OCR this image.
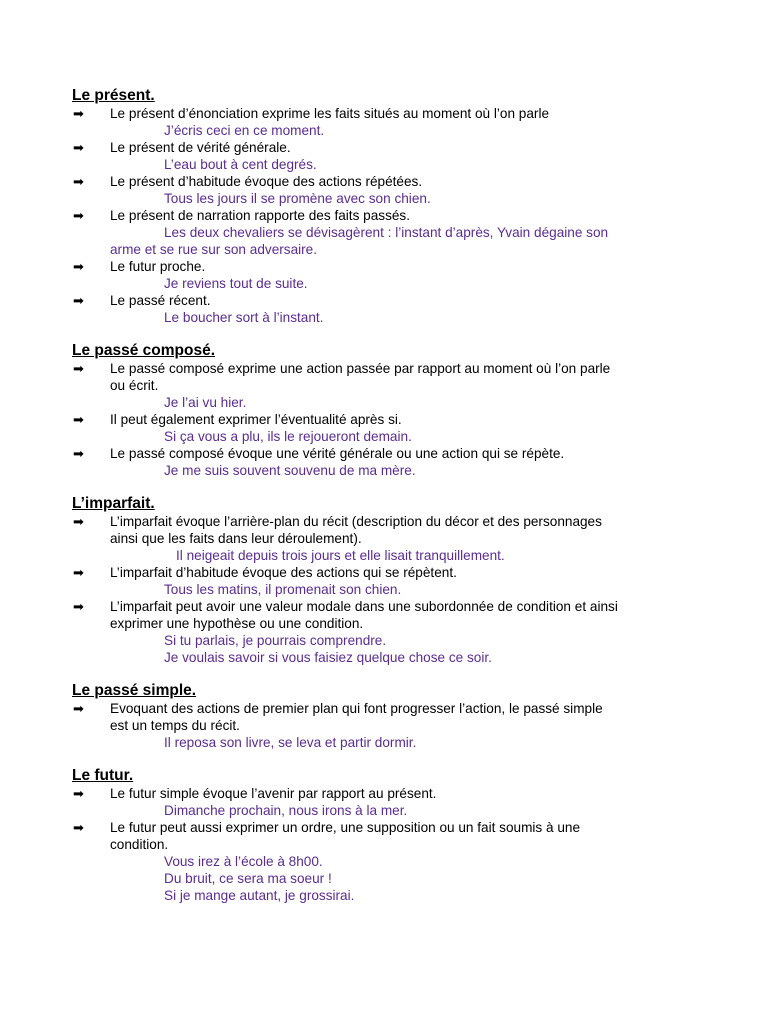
Le présent.
➡ Le présent d’énonciation exprime les faits situés au moment où l’on parle
J’écris ceci en ce moment.
➡ Le présent de vérité générale.
L’eau bout à cent degrés.
➡ Le présent d’habitude évoque des actions répétées.
Tous les jours il se promène avec son chien.
➡ Le présent de narration rapporte des faits passés.
Les deux chevaliers se dévisagèrent : l’instant d’après, Yvain dégaine son
arme et se rue sur son adversaire.
➡ Le futur proche.
Je reviens tout de suite.
➡ Le passé récent.
Le boucher sort à l’instant.
Le passé composé.
➡ Le passé composé exprime une action passée par rapport au moment où l’on parle
ou écrit.
Je l’ai vu hier.
➡ Il peut également exprimer l’éventualité après si.
Si ça vous a plu, ils le rejoueront demain.
➡ Le passé composé évoque une vérité générale ou une action qui se répète.
Je me suis souvent souvenu de ma mère.
L’imparfait.
➡ L’imparfait évoque l’arrière-plan du récit (description du décor et des personnages
ainsi que les faits dans leur déroulement).
Il neigeait depuis trois jours et elle lisait tranquillement.
➡ L’imparfait d’habitude évoque des actions qui se répètent.
Tous les matins, il promenait son chien.
➡ L’imparfait peut avoir une valeur modale dans une subordonnée de condition et ainsi
exprimer une hypothèse ou une condition.
Si tu parlais, je pourrais comprendre.
Je voulais savoir si vous faisiez quelque chose ce soir.
Le passé simple.
➡ Evoquant des actions de premier plan qui font progresser l’action, le passé simple
est un temps du récit.
Il reposa son livre, se leva et partir dormir.
Le futur.
➡ Le futur simple évoque l’avenir par rapport au présent.
Dimanche prochain, nous irons à la mer.
➡ Le futur peut aussi exprimer un ordre, une supposition ou un fait soumis à une
condition.
Vous irez à l’école à 8h00.
Du bruit, ce sera ma soeur !
Si je mange autant, je grossirai.
